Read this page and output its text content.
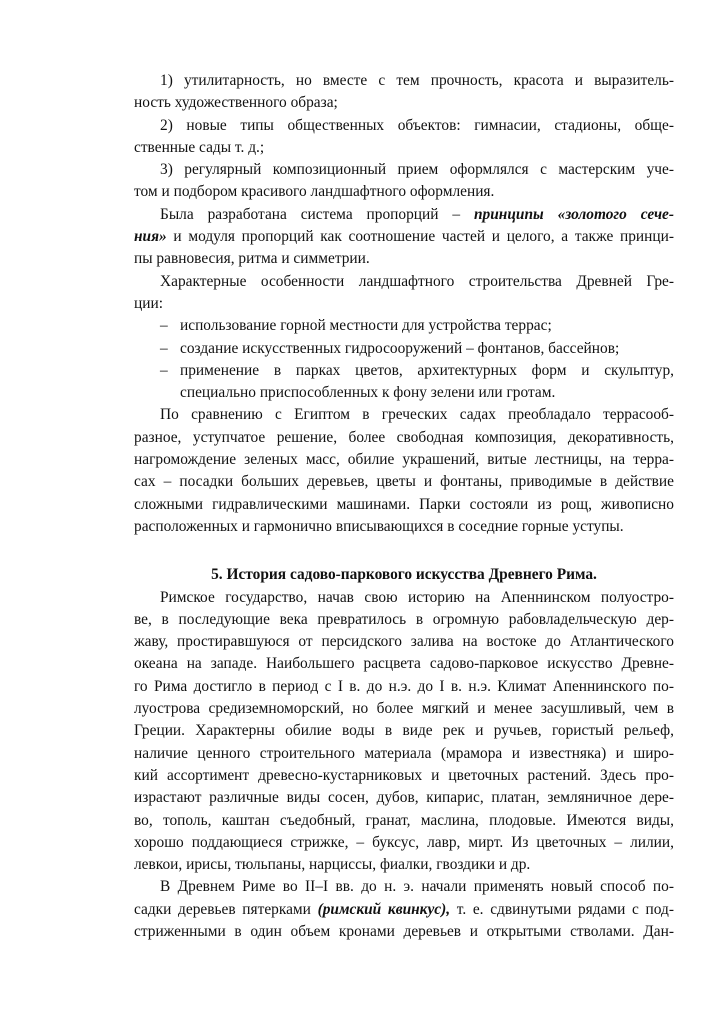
1) утилитарность, но вместе с тем прочность, красота и выразитель-
ность художественного образа;
2) новые типы общественных объектов: гимнасии, стадионы, обще-
ственные сады т. д.;
3) регулярный композиционный прием оформлялся с мастерским уче-
том и подбором красивого ландшафтного оформления.
Была разработана система пропорций – принципы «золотого сече-
ния» и модуля пропорций как соотношение частей и целого, а также принци-
пы равновесия, ритма и симметрии.
Характерные особенности ландшафтного строительства Древней Гре-
ции:
– использование горной местности для устройства террас;
– создание искусственных гидросооружений – фонтанов, бассейнов;
– применение в парках цветов, архитектурных форм и скульптур,
специально приспособленных к фону зелени или гротам.
По сравнению с Египтом в греческих садах преобладало террасооб-
разное, уступчатое решение, более свободная композиция, декоративность,
нагромождение зеленых масс, обилие украшений, витые лестницы, на терра-
сах – посадки больших деревьев, цветы и фонтаны, приводимые в действие
сложными гидравлическими машинами. Парки состояли из рощ, живописно
расположенных и гармонично вписывающихся в соседние горные уступы.
5. История садово-паркового искусства Древнего Рима.
Римское государство, начав свою историю на Апеннинском полуостро-
ве, в последующие века превратилось в огромную рабовладельческую дер-
жаву, простиравшуюся от персидского залива на востоке до Атлантического
океана на западе. Наибольшего расцвета садово-парковое искусство Древне-
го Рима достигло в период с I в. до н.э. до I в. н.э. Климат Апеннинского по-
луострова средиземноморский, но более мягкий и менее засушливый, чем в
Греции. Характерны обилие воды в виде рек и ручьев, гористый рельеф,
наличие ценного строительного материала (мрамора и известняка) и широ-
кий ассортимент древесно-кустарниковых и цветочных растений. Здесь про-
израстают различные виды сосен, дубов, кипарис, платан, земляничное дере-
во, тополь, каштан съедобный, гранат, маслина, плодовые. Имеются виды,
хорошо поддающиеся стрижке, – буксус, лавр, мирт. Из цветочных – лилии,
левкои, ирисы, тюльпаны, нарциссы, фиалки, гвоздики и др.
В Древнем Риме во II–I вв. до н. э. начали применять новый способ по-
садки деревьев пятерками (римский квинкус), т. е. сдвинутыми рядами с под-
стриженными в один объем кронами деревьев и открытыми стволами. Дан-
